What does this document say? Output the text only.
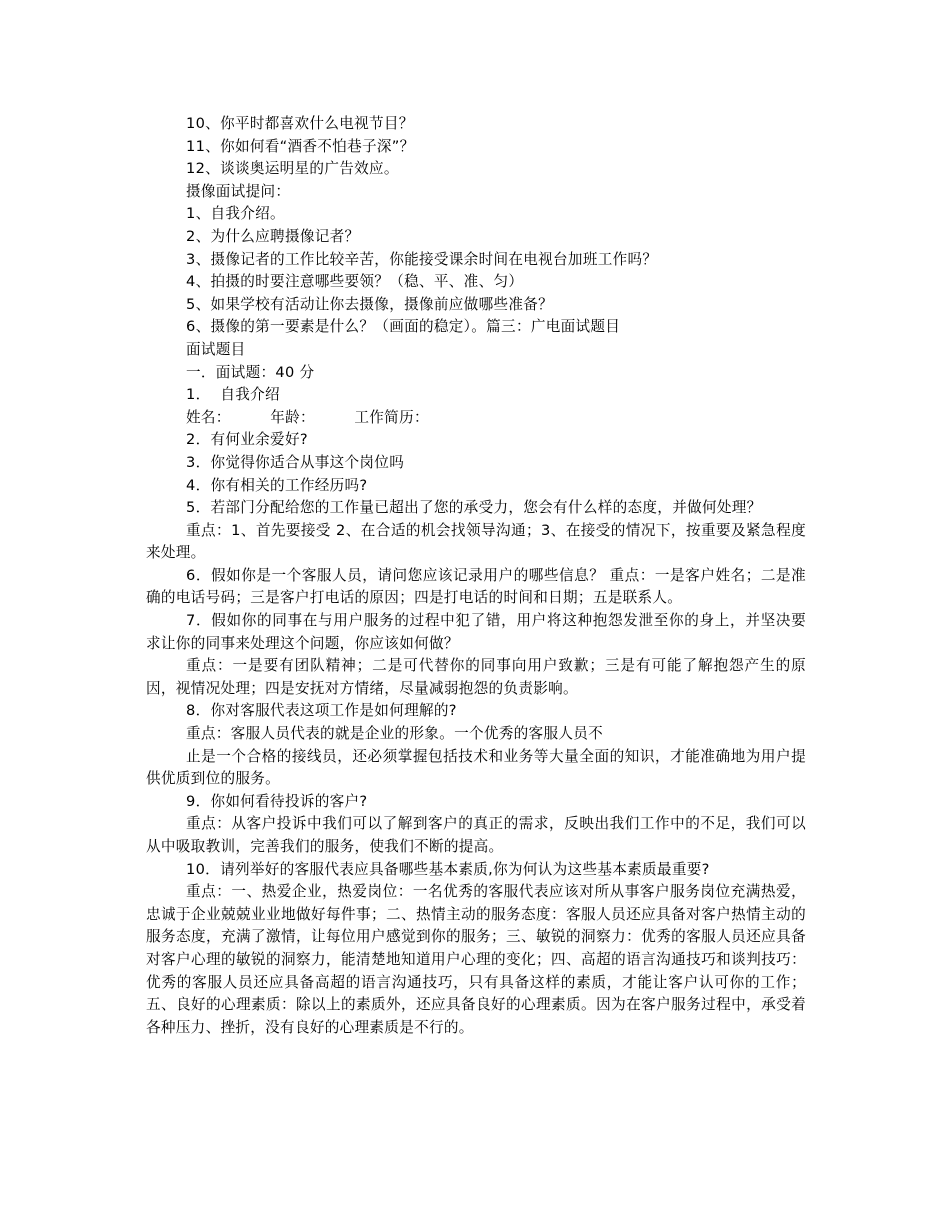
10、你平时都喜欢什么电视节目？
11、你如何看“酒香不怕巷子深”？
12、谈谈奥运明星的广告效应。
摄像面试提问：
1、自我介绍。
2、为什么应聘摄像记者？
3、摄像记者的工作比较辛苦，你能接受课余时间在电视台加班工作吗？
4、拍摄的时要注意哪些要领？（稳、平、准、匀）
5、如果学校有活动让你去摄像，摄像前应做哪些准备？
6、摄像的第一要素是什么？（画面的稳定）。篇三：广电面试题目
面试题目
一．面试题：40 分
1．  自我介绍
姓名：        年龄：        工作简历：
2．有何业余爱好?
3．你觉得你适合从事这个岗位吗
4．你有相关的工作经历吗?
5．若部门分配给您的工作量已超出了您的承受力，您会有什么样的态度，并做何处理？
重点：1、首先要接受 2、在合适的机会找领导沟通；3、在接受的情况下，按重要及紧急程度来处理。
6．假如你是一个客服人员，请问您应该记录用户的哪些信息？ 重点：一是客户姓名；二是准确的电话号码；三是客户打电话的原因；四是打电话的时间和日期；五是联系人。
7．假如你的同事在与用户服务的过程中犯了错，用户将这种抱怨发泄至你的身上，并坚决要求让你的同事来处理这个问题，你应该如何做？
重点：一是要有团队精神；二是可代替你的同事向用户致歉；三是有可能了解抱怨产生的原因，视情况处理；四是安抚对方情绪，尽量减弱抱怨的负责影响。
8．你对客服代表这项工作是如何理解的?
重点：客服人员代表的就是企业的形象。一个优秀的客服人员不
止是一个合格的接线员，还必须掌握包括技术和业务等大量全面的知识，才能准确地为用户提供优质到位的服务。
9．你如何看待投诉的客户?
重点：从客户投诉中我们可以了解到客户的真正的需求，反映出我们工作中的不足，我们可以从中吸取教训，完善我们的服务，使我们不断的提高。
10．请列举好的客服代表应具备哪些基本素质,你为何认为这些基本素质最重要?
重点：一、热爱企业，热爱岗位：一名优秀的客服代表应该对所从事客户服务岗位充满热爱，忠诚于企业兢兢业业地做好每件事；二、热情主动的服务态度：客服人员还应具备对客户热情主动的服务态度，充满了激情，让每位用户感觉到你的服务；三、敏锐的洞察力：优秀的客服人员还应具备对客户心理的敏锐的洞察力，能清楚地知道用户心理的变化；四、高超的语言沟通技巧和谈判技巧：优秀的客服人员还应具备高超的语言沟通技巧，只有具备这样的素质，才能让客户认可你的工作；五、良好的心理素质：除以上的素质外，还应具备良好的心理素质。因为在客户服务过程中，承受着各种压力、挫折，没有良好的心理素质是不行的。
